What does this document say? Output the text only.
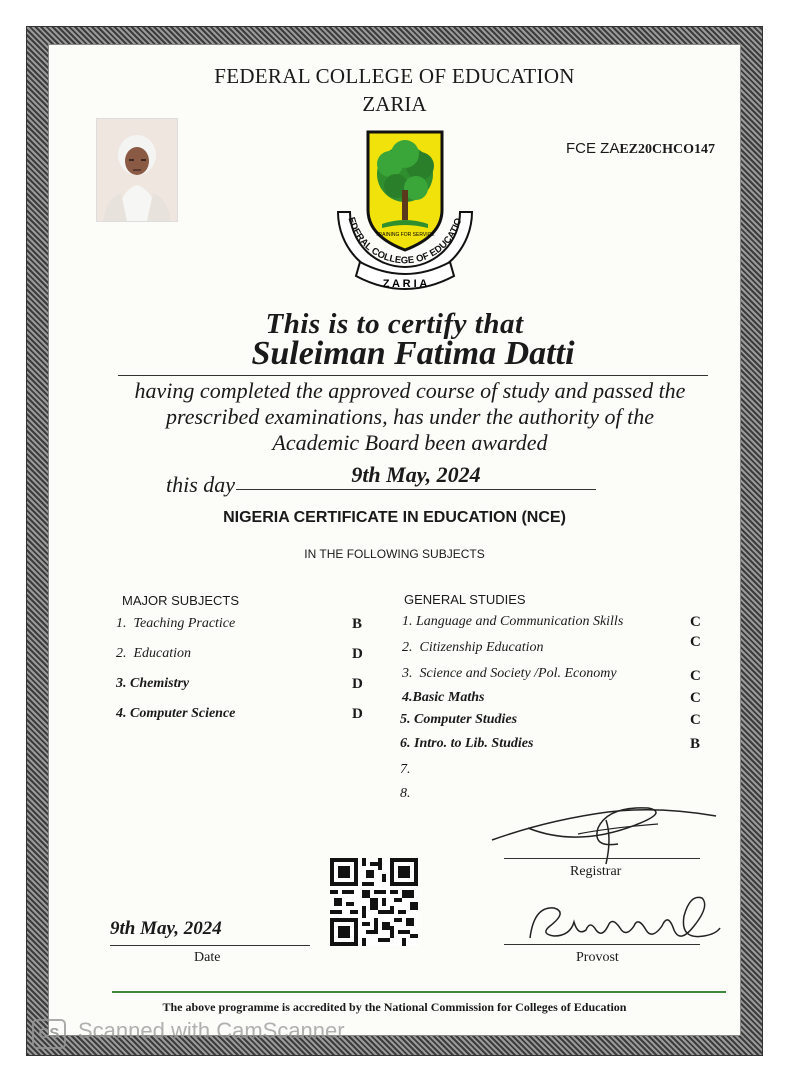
FEDERAL COLLEGE OF EDUCATION
ZARIA
FCE ZAEZ20CHCO147
EDERAL COLLEGE OF EDUCATIO
Z A R I A
TRAINING FOR SERVICE
This is to certify that
Suleiman Fatima Datti
having completed the approved course of study and passed the prescribed examinations, has under the authority of the Academic Board been awarded
this day	9th May, 2024
NIGERIA CERTIFICATE IN EDUCATION (NCE)
IN THE FOLLOWING SUBJECTS
MAJOR SUBJECTS	GENERAL STUDIES
1. Teaching Practice	B
2. Education	D
3. Chemistry	D
4. Computer Science	D
1. Language and Communication Skills	C
2. Citizenship Education	C
3. Science and Society /Pol. Economy	C
4.Basic Maths	C
5. Computer Studies	C
6. Intro. to Lib. Studies	B
7.
8.
Registrar
Provost
9th May, 2024
Date
The above programme is accredited by the National Commission for Colleges of Education
CS Scanned with CamScanner
